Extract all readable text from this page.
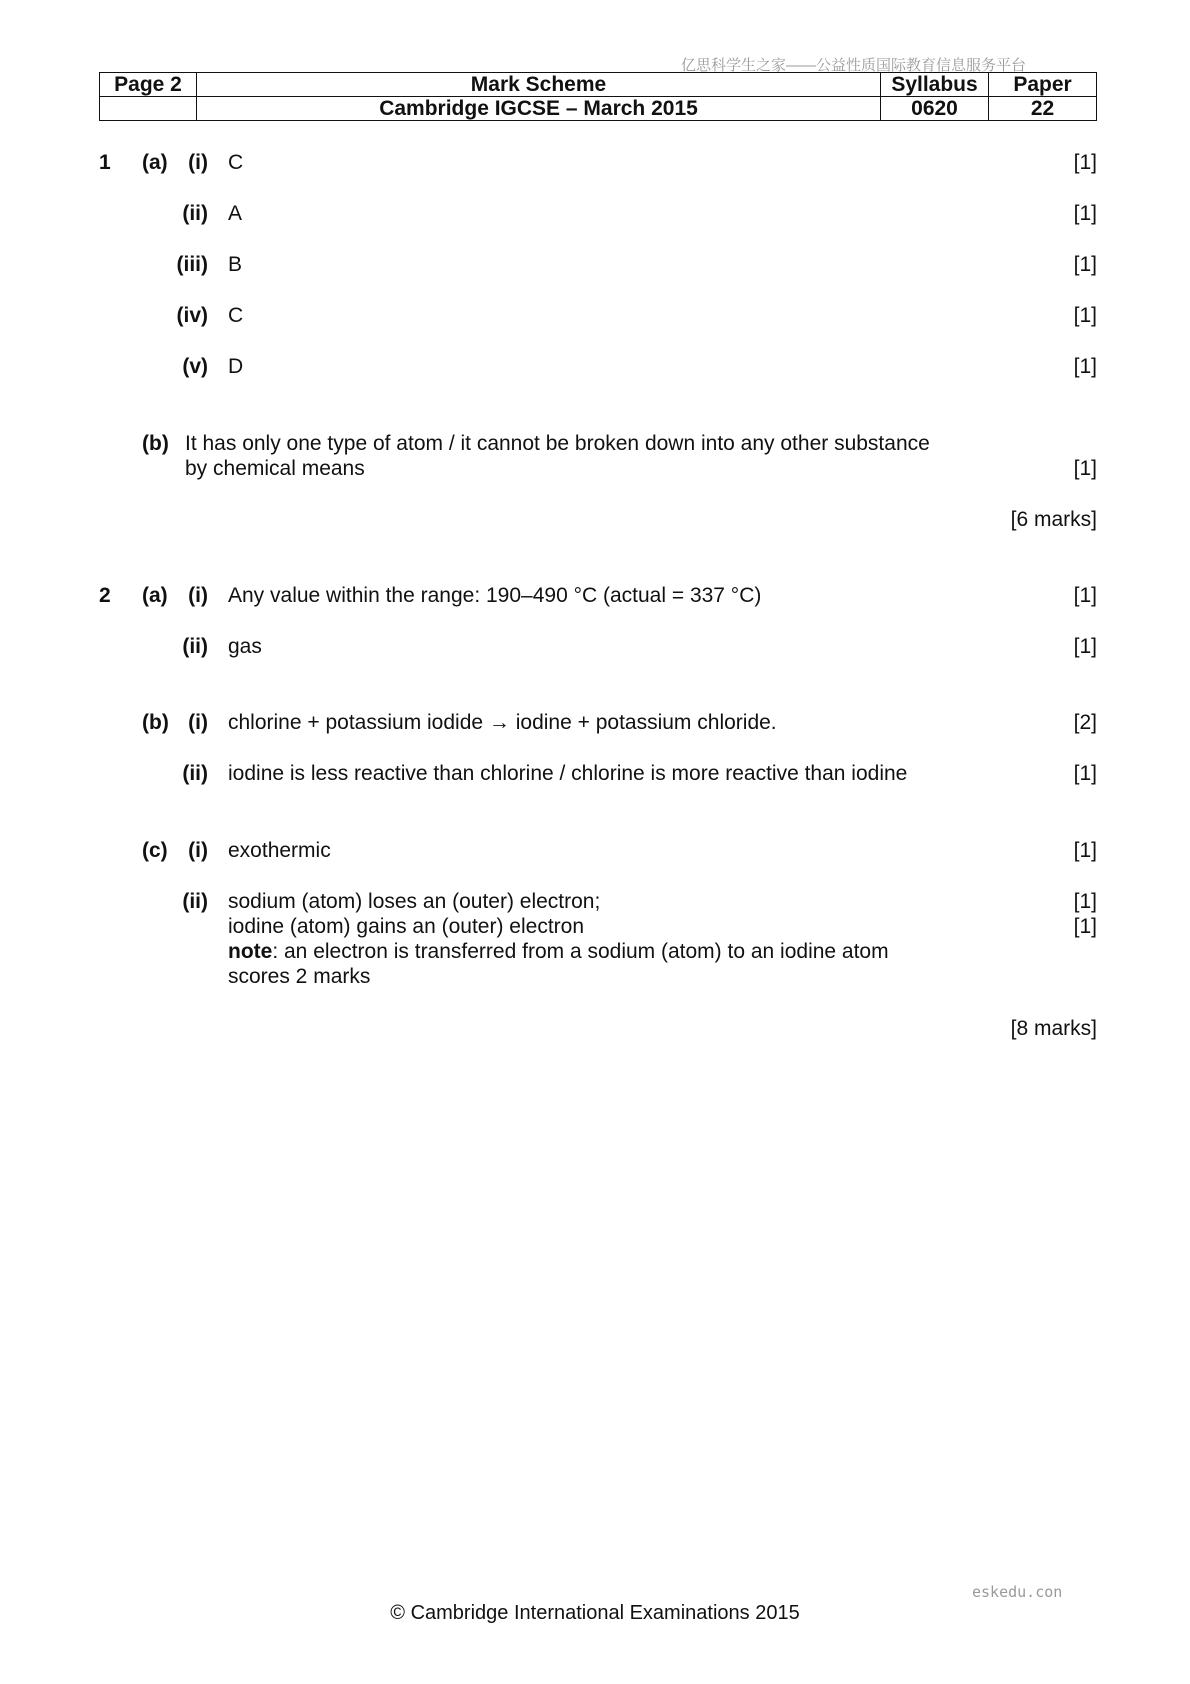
亿思科学生之家——公益性质国际教育信息服务平台
Page 2	Mark Scheme	Syllabus	Paper
	Cambridge IGCSE – March 2015	0620	22
1 (a) (i) C	[1]
(ii) A	[1]
(iii) B	[1]
(iv) C	[1]
(v) D	[1]
(b) It has only one type of atom / it cannot be broken down into any other substance
by chemical means	[1]
[6 marks]
2 (a) (i) Any value within the range: 190–490 °C (actual = 337 °C)	[1]
(ii) gas	[1]
(b) (i) chlorine + potassium iodide → iodine + potassium chloride.	[2]
(ii) iodine is less reactive than chlorine / chlorine is more reactive than iodine	[1]
(c) (i) exothermic	[1]
(ii) sodium (atom) loses an (outer) electron;	[1]
iodine (atom) gains an (outer) electron	[1]
note: an electron is transferred from a sodium (atom) to an iodine atom
scores 2 marks
[8 marks]
eskedu.con
© Cambridge International Examinations 2015
